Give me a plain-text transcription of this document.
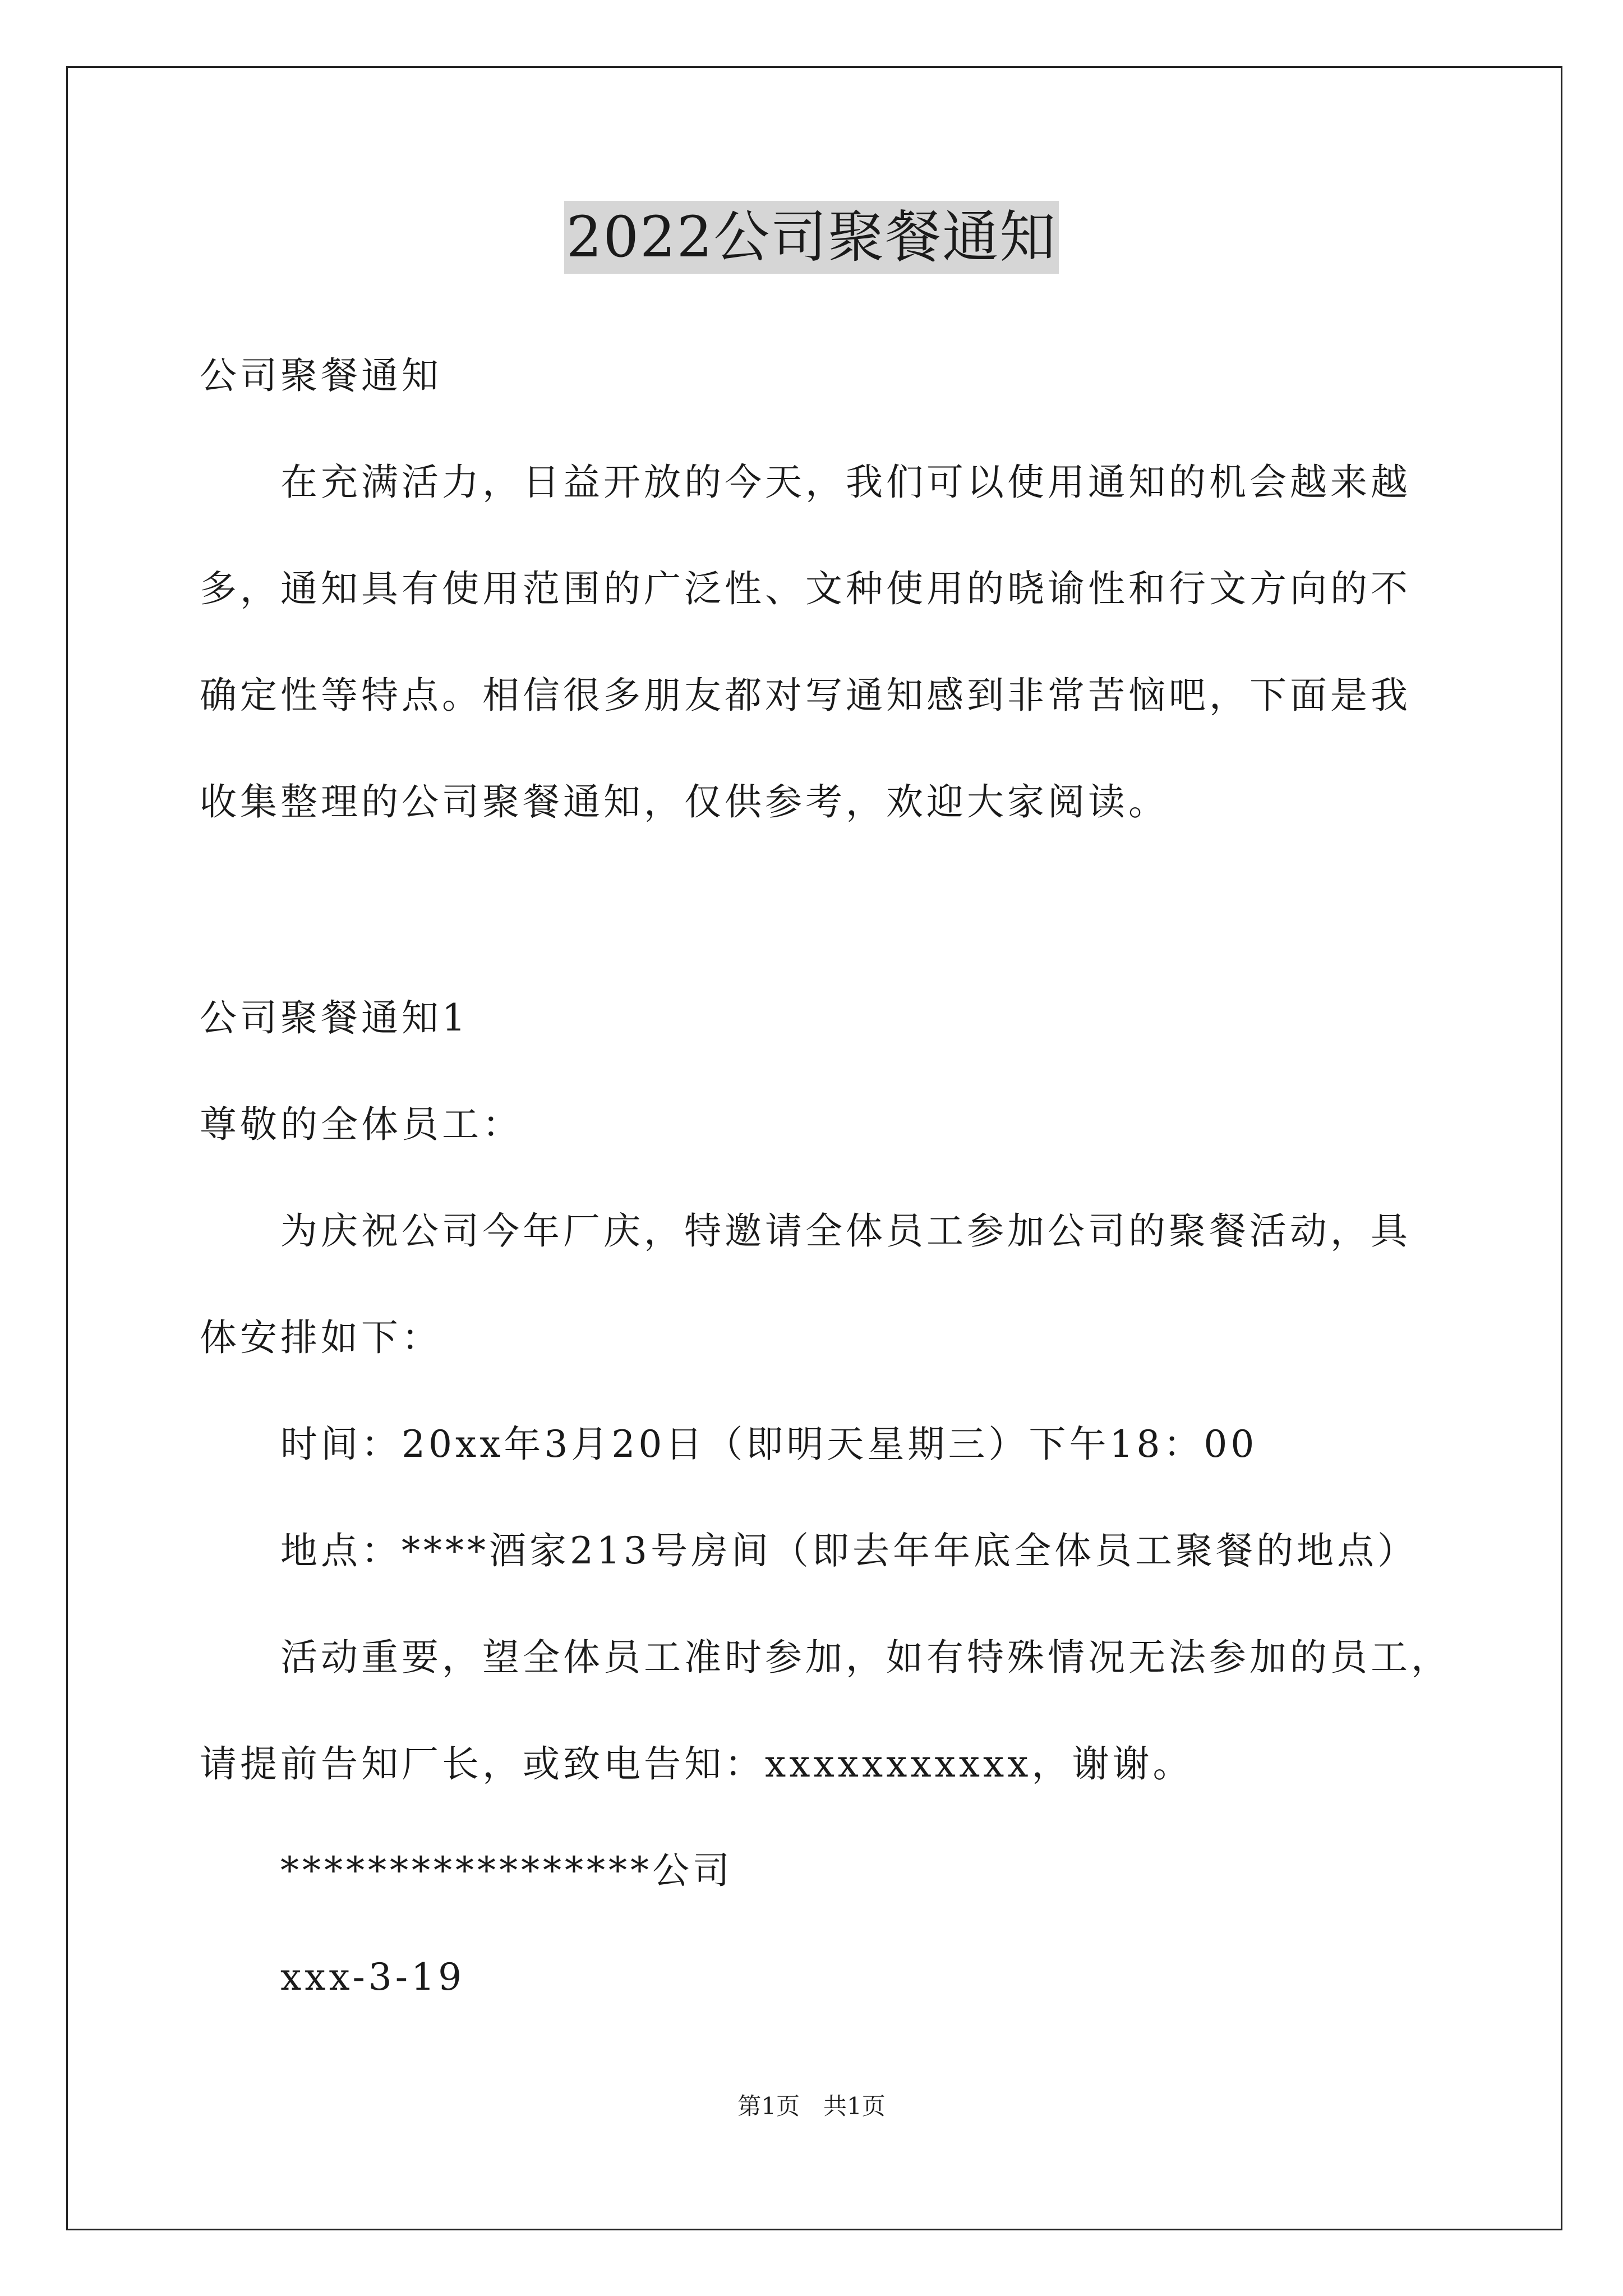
2022公司聚餐通知
公司聚餐通知
在充满活力，日益开放的今天，我们可以使用通知的机会越来越
多，通知具有使用范围的广泛性、文种使用的晓谕性和行文方向的不
确定性等特点。相信很多朋友都对写通知感到非常苦恼吧，下面是我
收集整理的公司聚餐通知，仅供参考，欢迎大家阅读。
公司聚餐通知1
尊敬的全体员工：
为庆祝公司今年厂庆，特邀请全体员工参加公司的聚餐活动，具
体安排如下：
时间：20xx年3月20日（即明天星期三）下午18：00
地点：****酒家213号房间（即去年年底全体员工聚餐的地点）
活动重要，望全体员工准时参加，如有特殊情况无法参加的员工，
请提前告知厂长，或致电告知：xxxxxxxxxxx，谢谢。
*****************公司
xxx-3-19
第1页　共1页
